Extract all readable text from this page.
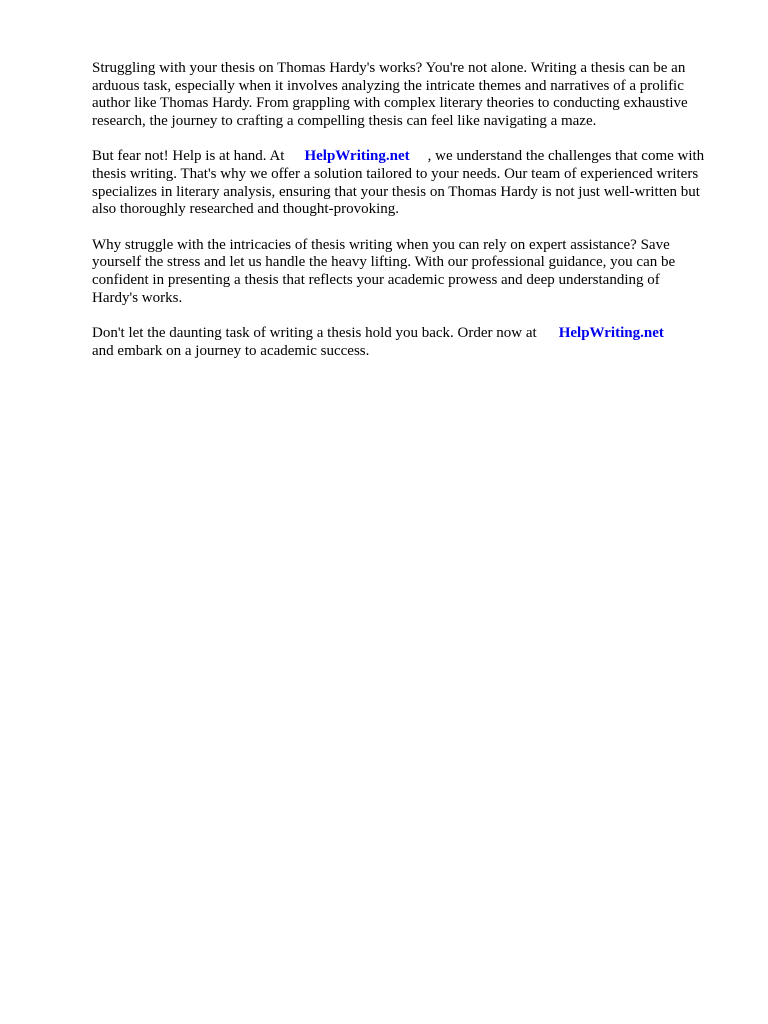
Struggling with your thesis on Thomas Hardy's works? You're not alone. Writing a thesis can be an arduous task, especially when it involves analyzing the intricate themes and narratives of a prolific author like Thomas Hardy. From grappling with complex literary theories to conducting exhaustive research, the journey to crafting a compelling thesis can feel like navigating a maze.

But fear not! Help is at hand. At HelpWriting.net , we understand the challenges that come with thesis writing. That's why we offer a solution tailored to your needs. Our team of experienced writers specializes in literary analysis, ensuring that your thesis on Thomas Hardy is not just well-written but also thoroughly researched and thought-provoking.

Why struggle with the intricacies of thesis writing when you can rely on expert assistance? Save yourself the stress and let us handle the heavy lifting. With our professional guidance, you can be confident in presenting a thesis that reflects your academic prowess and deep understanding of Hardy's works.

Don't let the daunting task of writing a thesis hold you back. Order now at HelpWriting.net
and embark on a journey to academic success.
